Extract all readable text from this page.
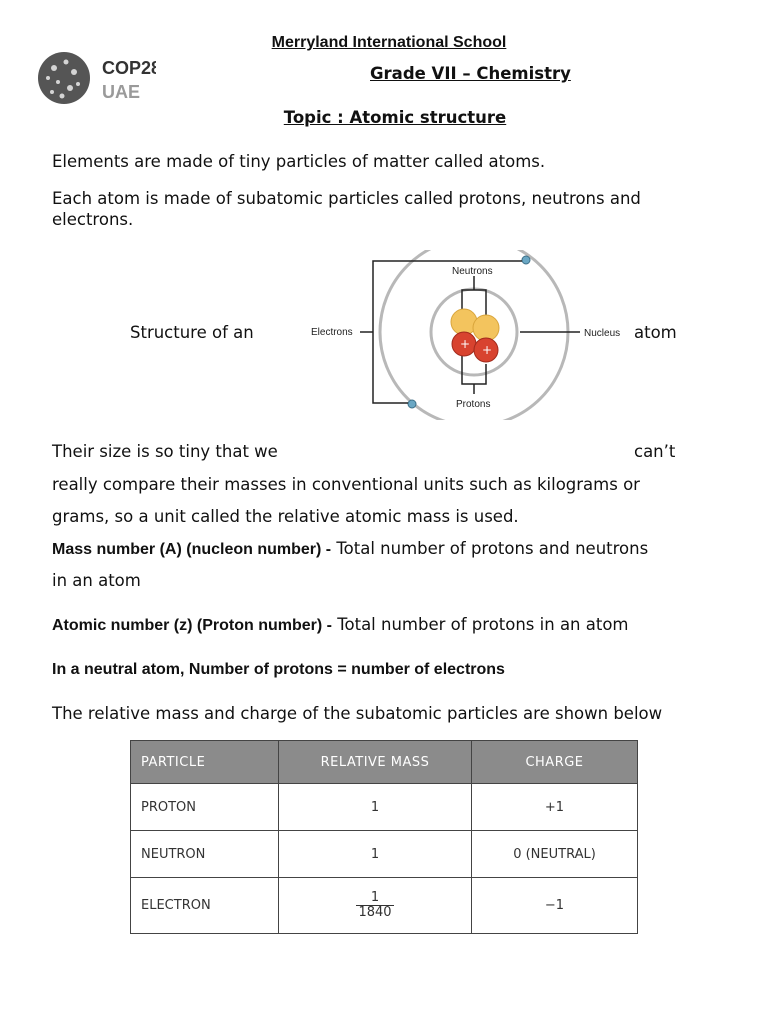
COP28
UAE
Merryland International School
Grade VII – Chemistry
Topic : Atomic structure
Elements are made of tiny particles of matter called atoms.
Each atom is made of subatomic particles called protons, neutrons and electrons.
Structure of an	atom
Electrons
Neutrons
Protons
Nucleus
+ +
Their size is so tiny that we	can’t
really compare their masses in conventional units such as kilograms or
grams, so a unit called the relative atomic mass is used.
Mass number (A) (nucleon number) - Total number of protons and neutrons
in an atom
Atomic number (z) (Proton number) - Total number of protons in an atom
In a neutral atom, Number of protons = number of electrons
The relative mass and charge of the subatomic particles are shown below
PARTICLE	RELATIVE MASS	CHARGE
PROTON	1	+1
NEUTRON	1	0 (NEUTRAL)
ELECTRON	$\frac{1}{1840}$	−1
